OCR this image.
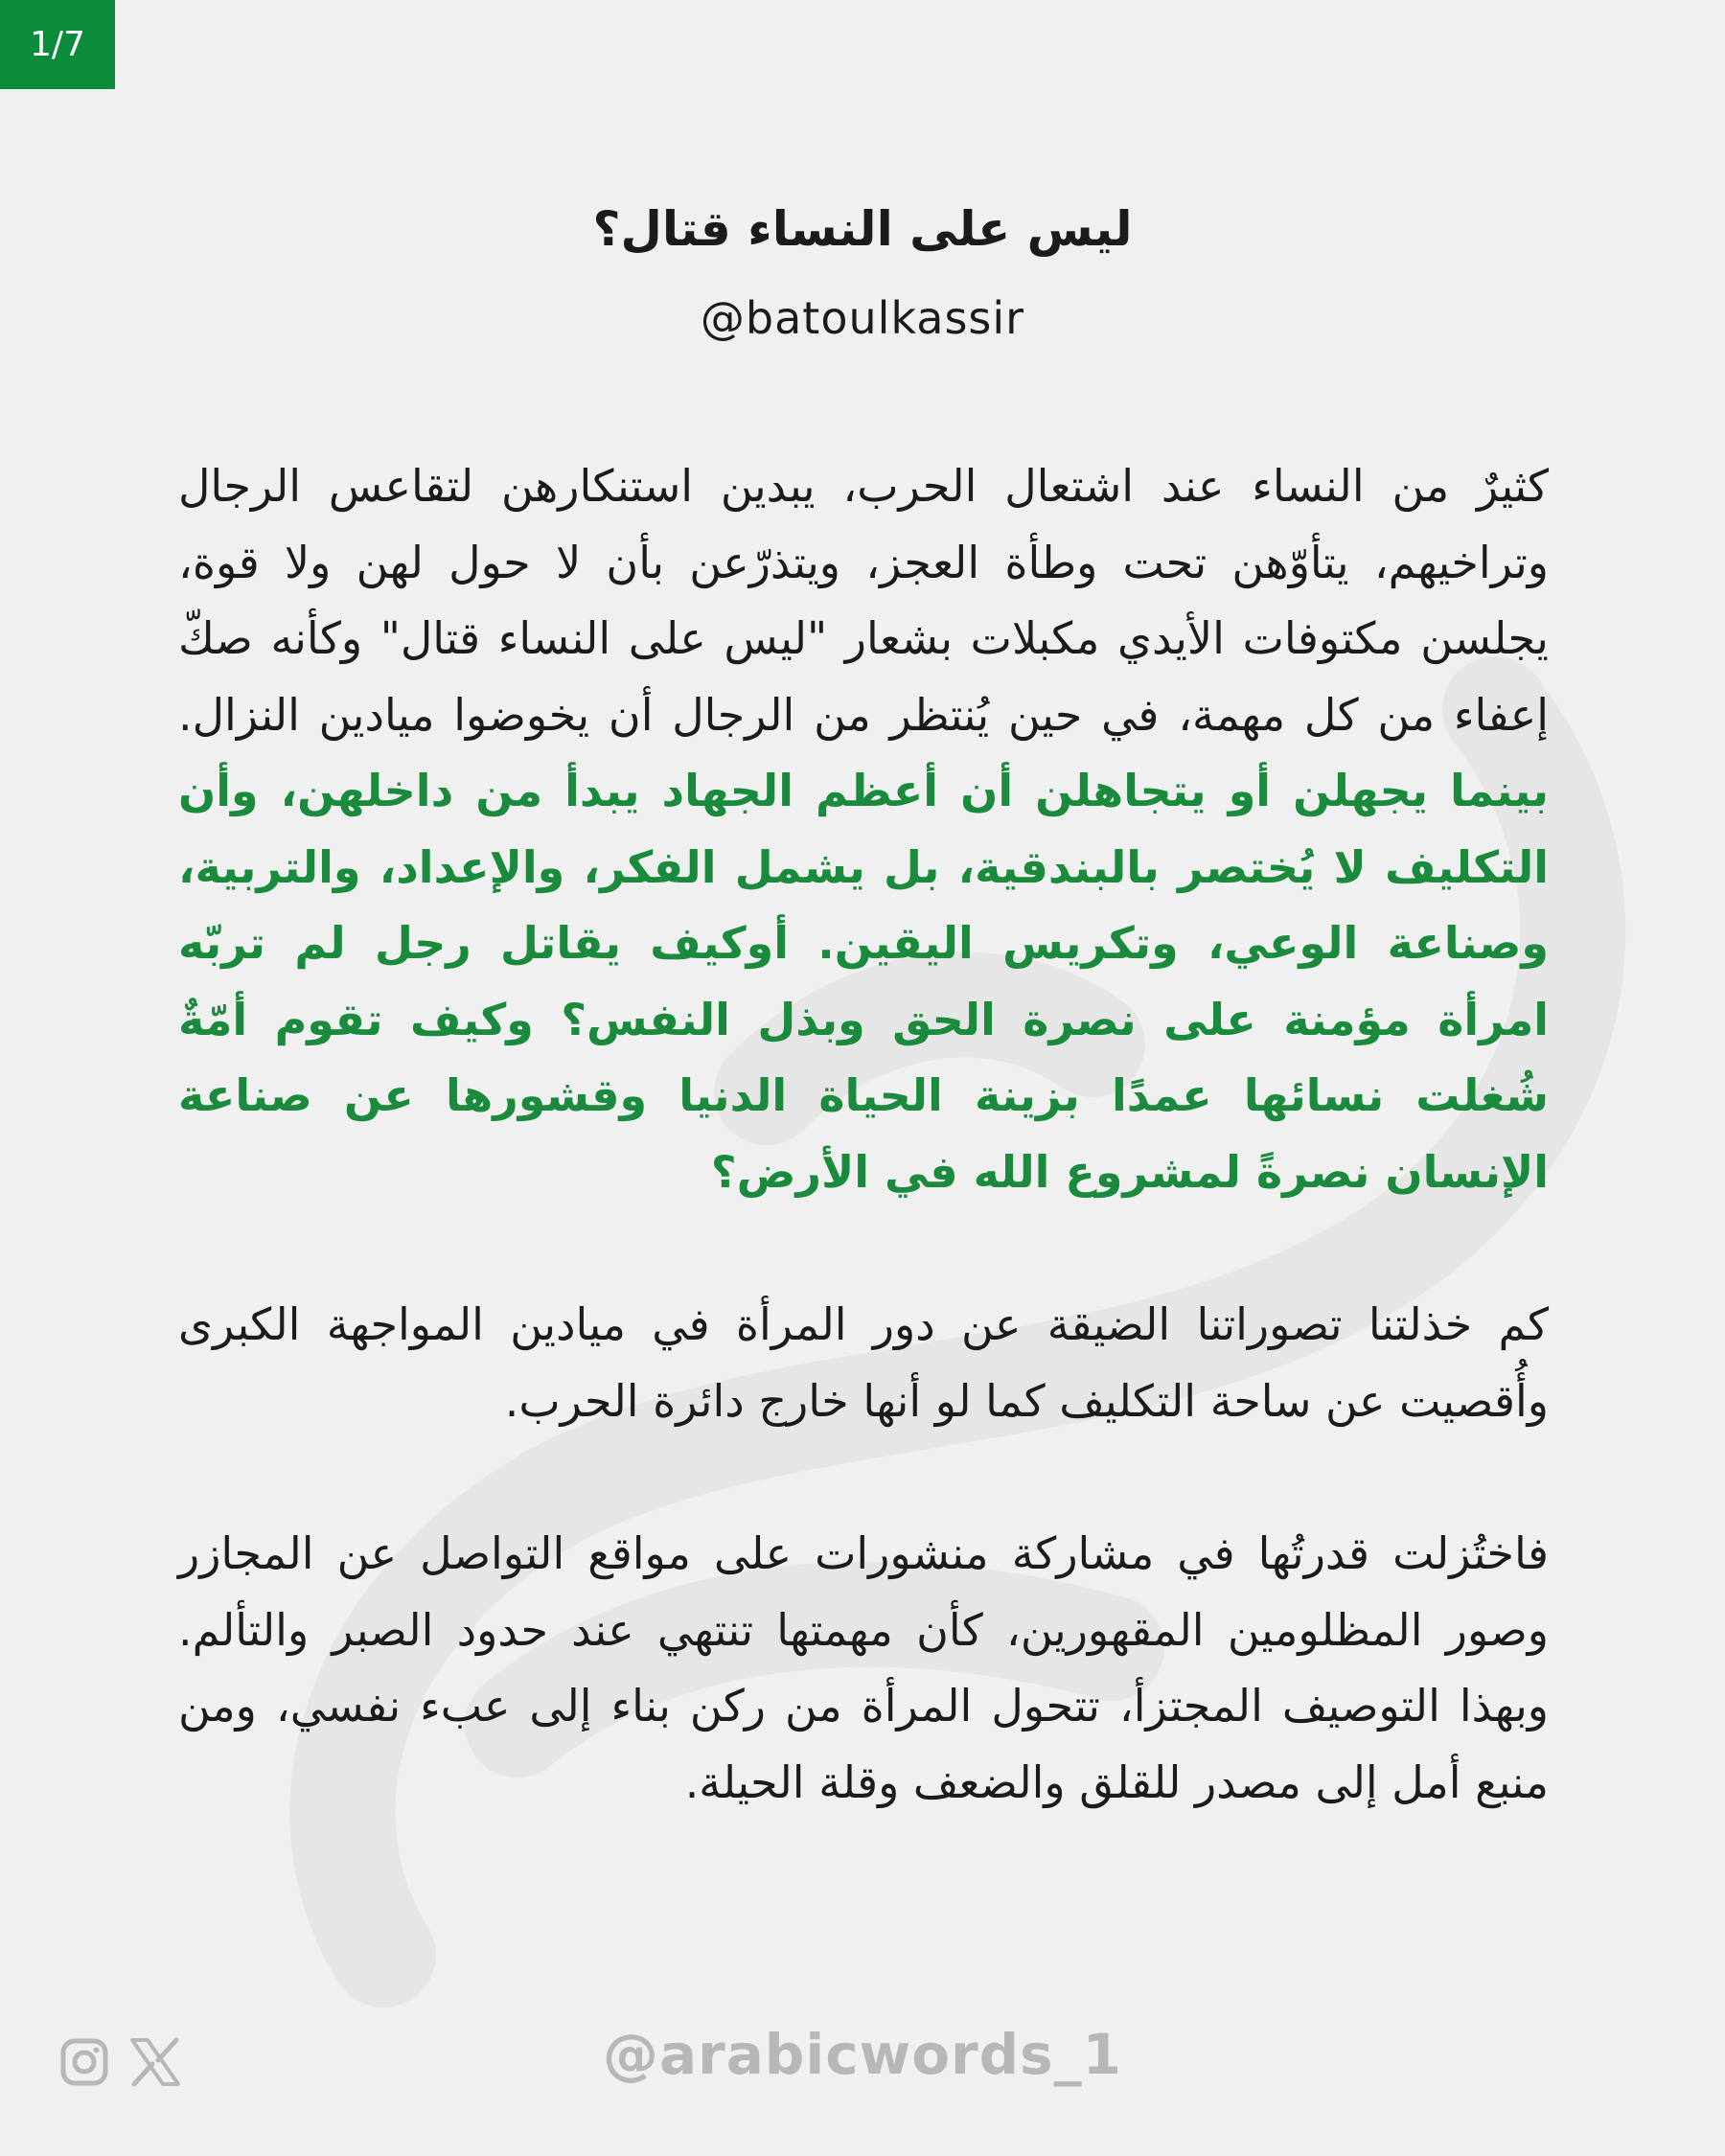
1/7
ليس على النساء قتال؟
@batoulkassir

كثيرٌ من النساء عند اشتعال الحرب، يبدين استنكارهن لتقاعس الرجال وتراخيهم، يتأوّهن تحت وطأة العجز، ويتذرّعن بأن لا حول لهن ولا قوة، يجلسن مكتوفات الأيدي مكبلات بشعار "ليس على النساء قتال" وكأنه صكّ إعفاء من كل مهمة، في حين يُنتظر من الرجال أن يخوضوا ميادين النزال. بينما يجهلن أو يتجاهلن أن أعظم الجهاد يبدأ من داخلهن، وأن التكليف لا يُختصر بالبندقية، بل يشمل الفكر، والإعداد، والتربية، وصناعة الوعي، وتكريس اليقين. أوكيف يقاتل رجل لم تربّه امرأة مؤمنة على نصرة الحق وبذل النفس؟ وكيف تقوم أمّةٌ شُغلت نسائها عمدًا بزينة الحياة الدنيا وقشورها عن صناعة الإنسان نصرةً لمشروع الله في الأرض؟

كم خذلتنا تصوراتنا الضيقة عن دور المرأة في ميادين المواجهة الكبرى وأُقصيت عن ساحة التكليف كما لو أنها خارج دائرة الحرب.

فاختُزلت قدرتُها في مشاركة منشورات على مواقع التواصل عن المجازر وصور المظلومين المقهورين، كأن مهمتها تنتهي عند حدود الصبر والتألم. وبهذا التوصيف المجتزأ، تتحول المرأة من ركن بناء إلى عبء نفسي، ومن منبع أمل إلى مصدر للقلق والضعف وقلة الحيلة.

@arabicwords_1
